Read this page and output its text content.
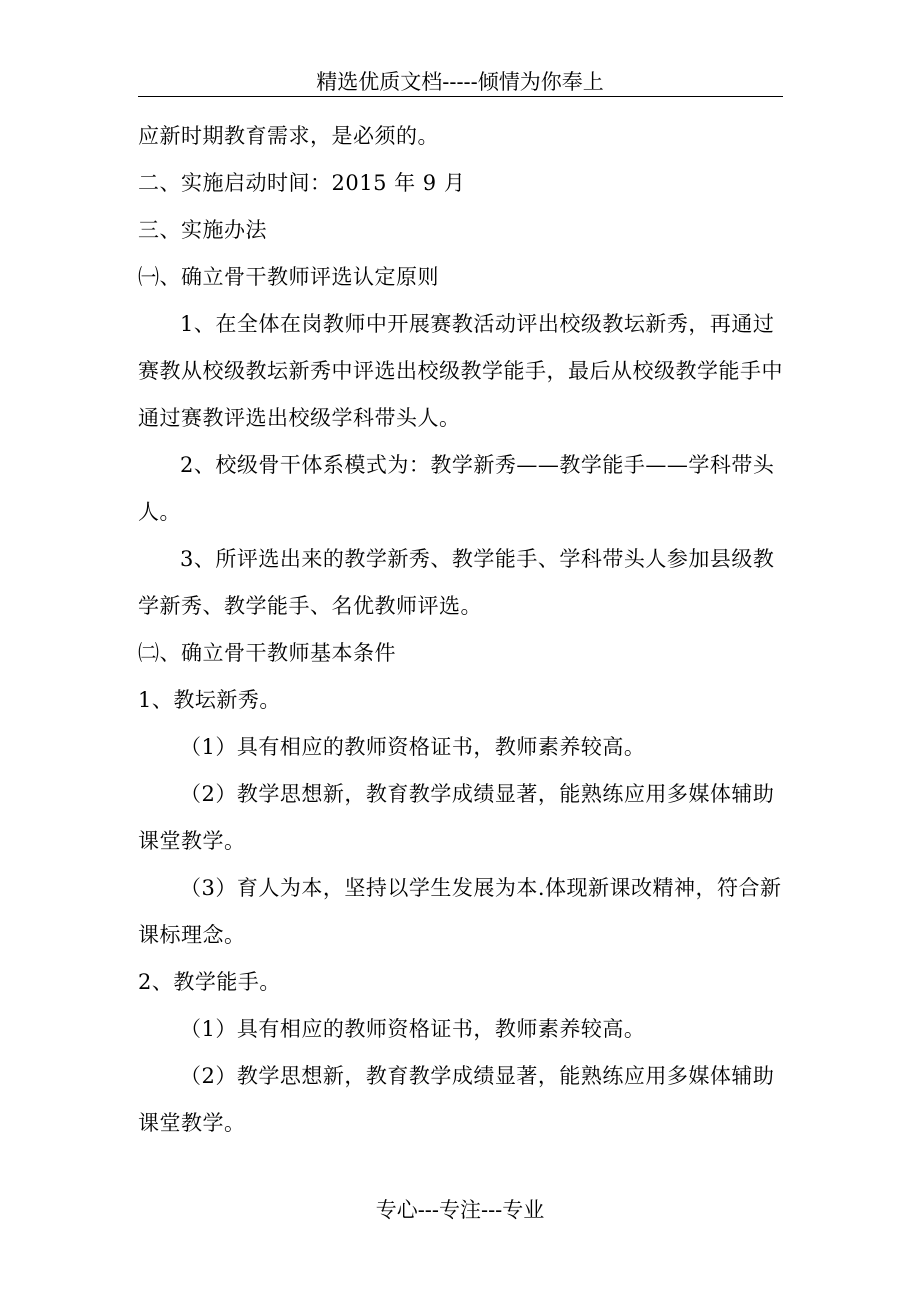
精选优质文档-----倾情为你奉上

应新时期教育需求，是必须的。

二、实施启动时间：2015 年 9 月

三、实施办法

㈠、确立骨干教师评选认定原则

1、在全体在岗教师中开展赛教活动评出校级教坛新秀，再通过赛教从校级教坛新秀中评选出校级教学能手，最后从校级教学能手中通过赛教评选出校级学科带头人。

2、校级骨干体系模式为：教学新秀——教学能手——学科带头人。

3、所评选出来的教学新秀、教学能手、学科带头人参加县级教学新秀、教学能手、名优教师评选。

㈡、确立骨干教师基本条件

1、教坛新秀。

（1）具有相应的教师资格证书，教师素养较高。

（2）教学思想新，教育教学成绩显著，能熟练应用多媒体辅助课堂教学。

（3）育人为本，坚持以学生发展为本.体现新课改精神，符合新课标理念。

2、教学能手。

（1）具有相应的教师资格证书，教师素养较高。

（2）教学思想新，教育教学成绩显著，能熟练应用多媒体辅助课堂教学。

专心---专注---专业
